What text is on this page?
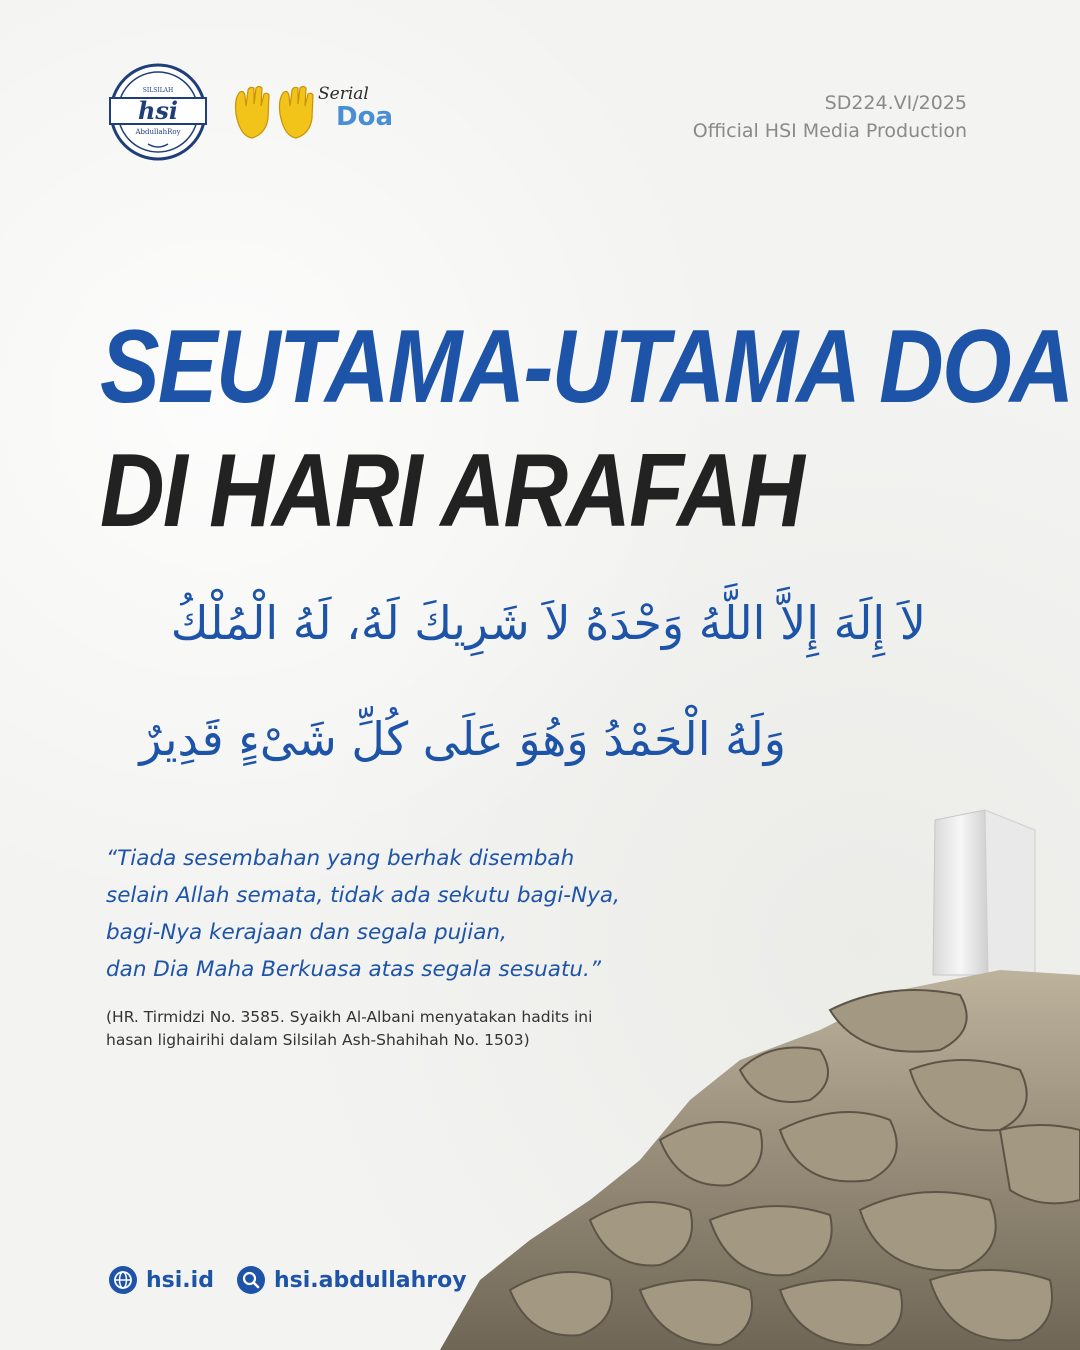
SILSILAH
hsi
AbdullahRoy
Serial
Doa	SD224.VI/2025
Official HSI Media Production
SEUTAMA-UTAMA DOA
DI HARI ARAFAH
لاَ إِلَهَ إِلاَّ اللَّهُ وَحْدَهُ لاَ شَرِيكَ لَهُ، لَهُ الْمُلْكُ
وَلَهُ الْحَمْدُ وَهُوَ عَلَى كُلِّ شَىْءٍ قَدِيرٌ
“Tiada sesembahan yang berhak disembah
selain Allah semata, tidak ada sekutu bagi-Nya,
bagi-Nya kerajaan dan segala pujian,
dan Dia Maha Berkuasa atas segala sesuatu.”
(HR. Tirmidzi No. 3585. Syaikh Al-Albani menyatakan hadits ini
hasan lighairihi dalam Silsilah Ash-Shahihah No. 1503)
hsi.id	hsi.abdullahroy
